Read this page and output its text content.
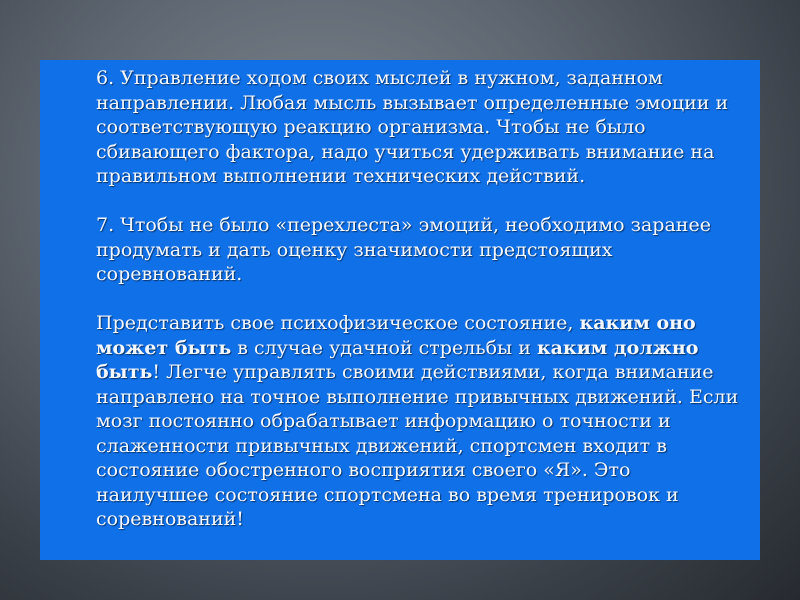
6. Управление ходом своих мыслей в нужном, заданном направлении. Любая мысль вызывает определенные эмоции и соответствующую реакцию организма. Чтобы не было сбивающего фактора, надо учиться удерживать внимание на правильном выполнении технических действий.

7. Чтобы не было «перехлеста» эмоций, необходимо заранее продумать и дать оценку значимости предстоящих соревнований.

Представить свое психофизическое состояние, каким оно может быть в случае удачной стрельбы и каким должно быть! Легче управлять своими действиями, когда внимание направлено на точное выполнение привычных движений. Если мозг постоянно обрабатывает информацию о точности и слаженности привычных движений, спортсмен входит в состояние обостренного восприятия своего «Я». Это наилучшее состояние спортсмена во время тренировок и соревнований!
